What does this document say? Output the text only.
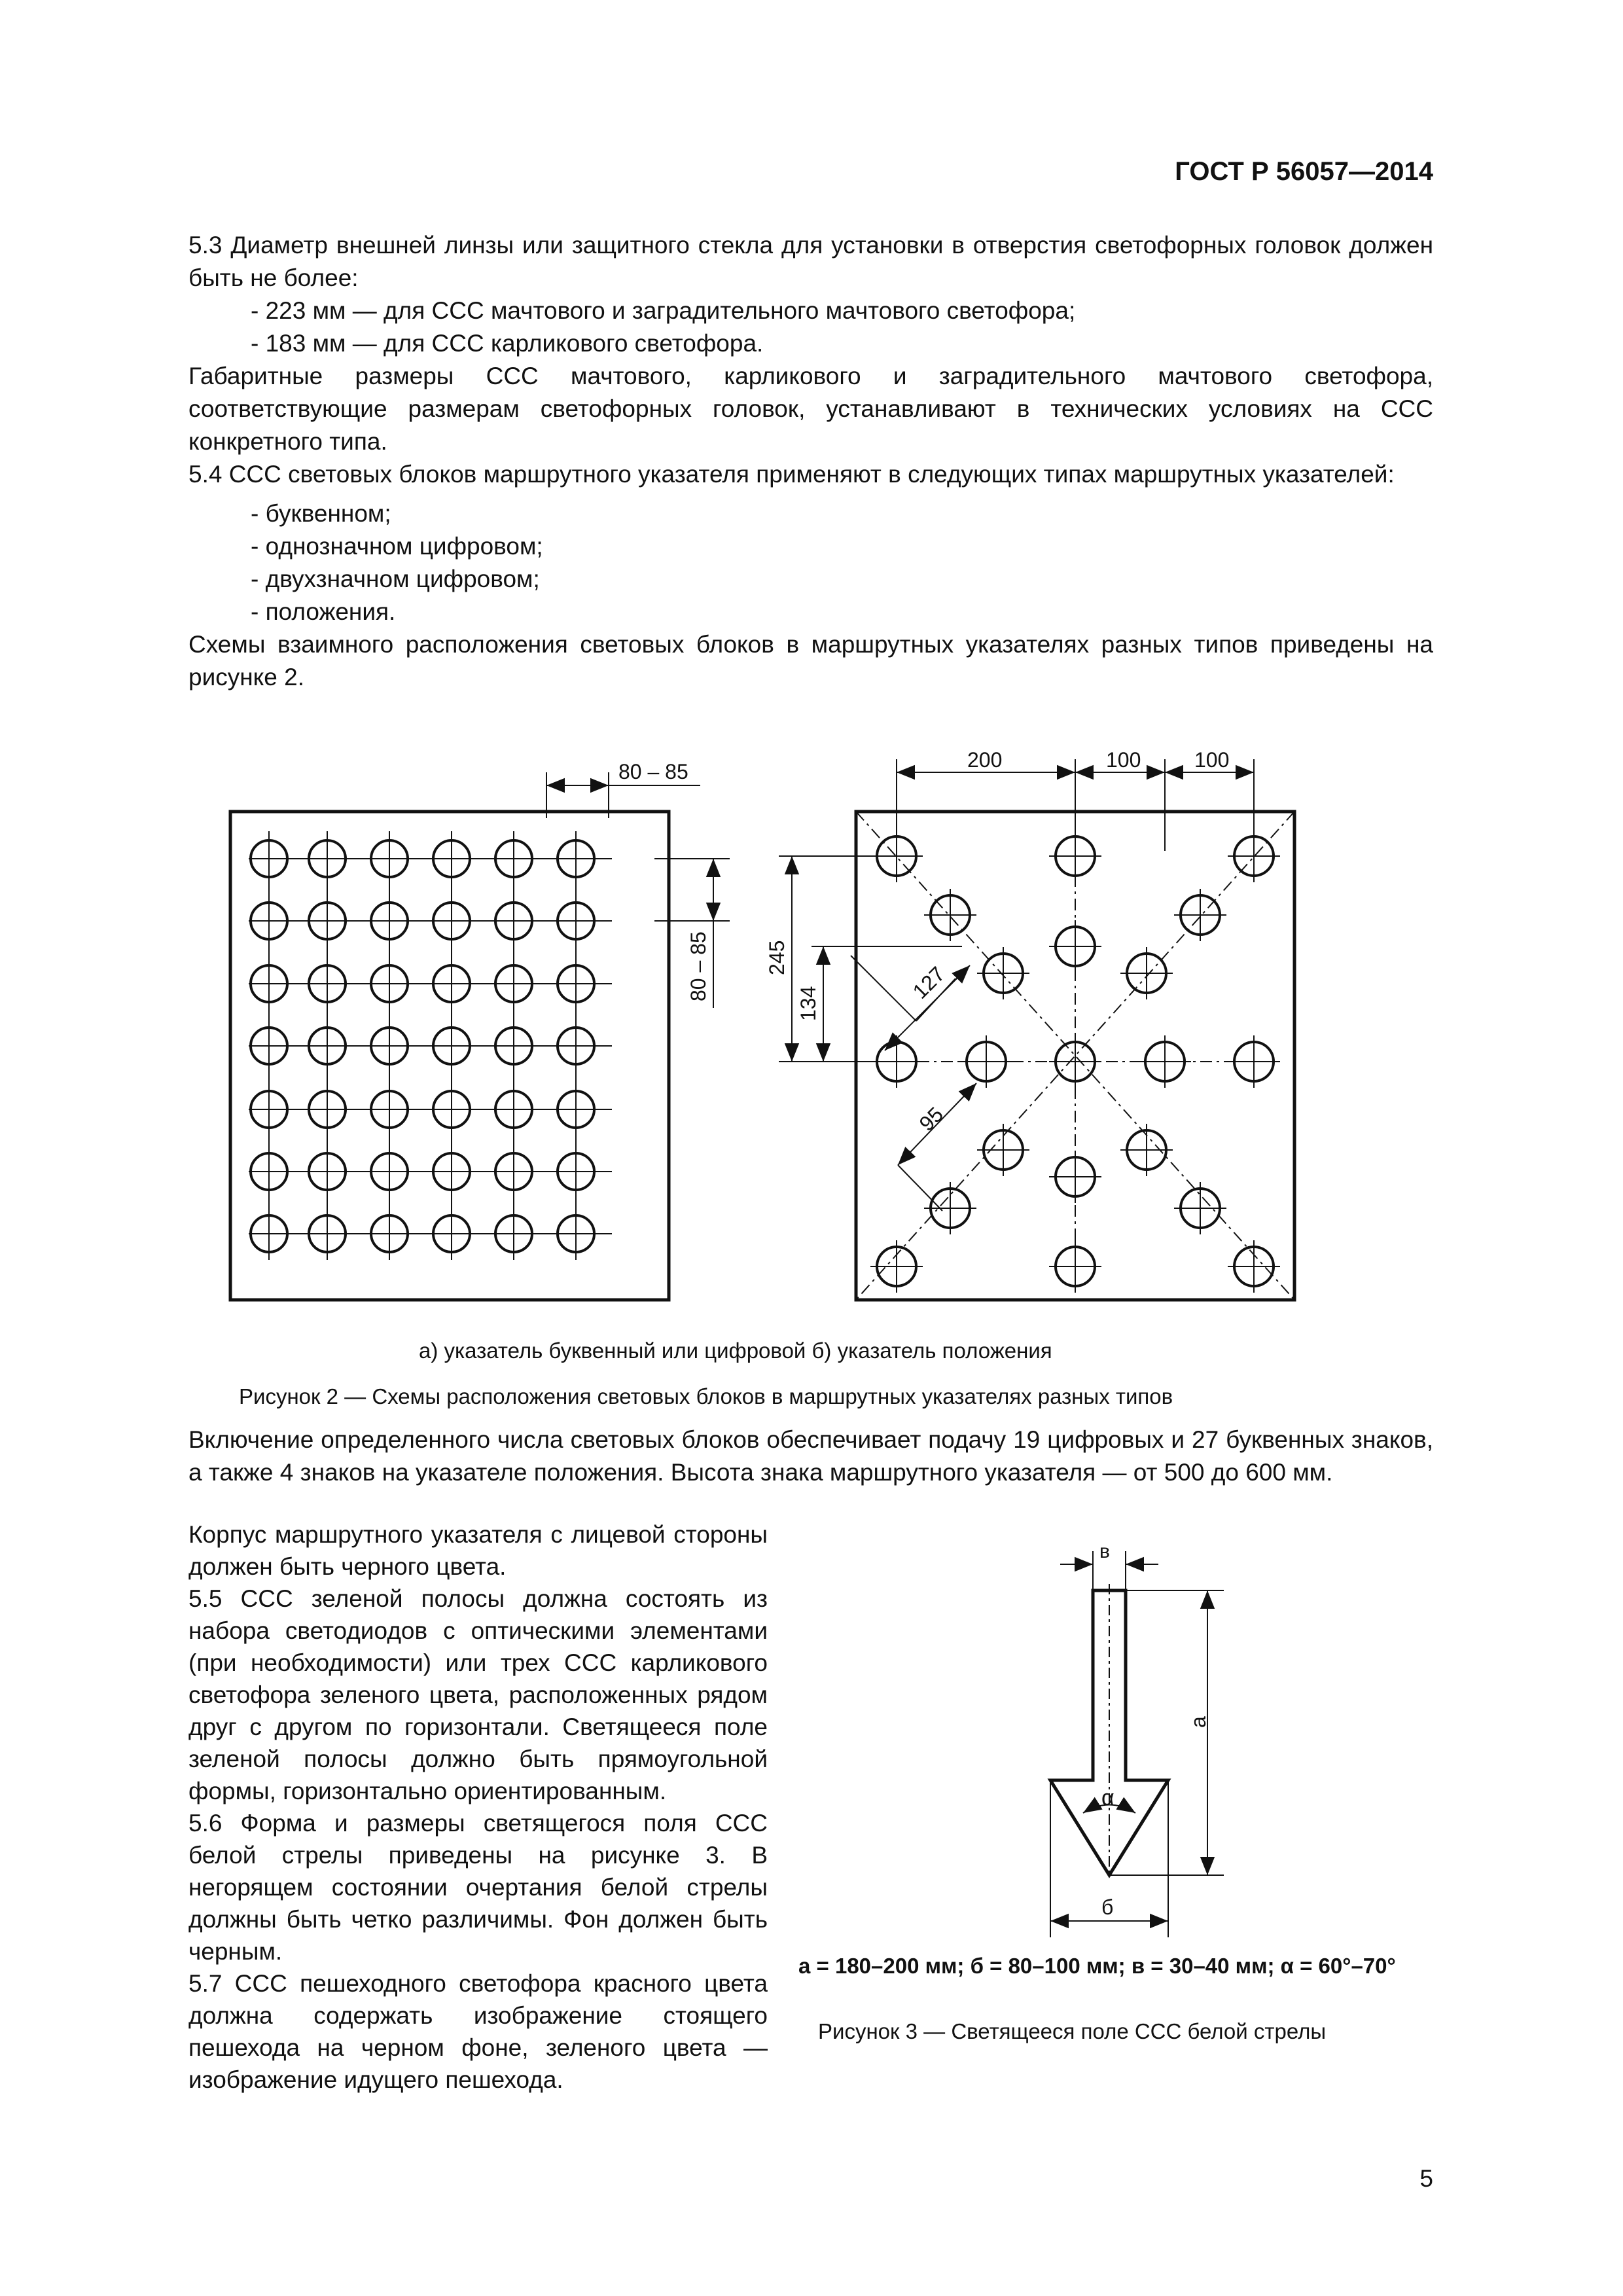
ГОСТ Р 56057—2014

5.3 Диаметр внешней линзы или защитного стекла для установки в отверстия светофорных головок должен быть не более:

- 223 мм — для ССС мачтового и заградительного мачтового светофора;

- 183 мм — для ССС карликового светофора.

Габаритные размеры ССС мачтового, карликового и заградительного мачтового светофора, соответствующие размерам светофорных головок, устанавливают в технических условиях на ССС конкретного типа.

5.4 ССС световых блоков маршрутного указателя применяют в следующих типах маршрутных указателей:

- буквенном;

- однозначном цифровом;

- двухзначном цифровом;

- положения.

Схемы взаимного расположения световых блоков в маршрутных указателях разных типов приведены на рисунке 2.

80 – 85
80 – 85
200	100	100
245
134
127
95
а) указатель буквенный или цифровой б) указатель положения
Рисунок 2 — Схемы расположения световых блоков в маршрутных указателях разных типов
Включение определенного числа световых блоков обеспечивает подачу 19 цифровых и 27 буквенных знаков, а также 4 знаков на указателе положения. Высота знака маршрутного указателя — от 500 до 600 мм.

Корпус маршрутного указателя с лицевой стороны должен быть черного цвета.

5.5 ССС зеленой полосы должна состоять из набора светодиодов с оптическими элементами (при необходимости) или трех ССС карликового светофора зеленого цвета, расположенных рядом друг с другом по горизонтали. Светящееся поле зеленой полосы должно быть прямоугольной формы, горизонтально ориентированным.

5.6 Форма и размеры светящегося поля ССС белой стрелы приведены на рисунке 3. В негорящем состоянии очертания белой стрелы должны быть четко различимы. Фон должен быть черным.

5.7 ССС пешеходного светофора красного цвета должна содержать изображение стоящего пешехода на черном фоне, зеленого цвета — изображение идущего пешехода.

в
а
α
б
а = 180–200 мм; б = 80–100 мм; в = 30–40 мм; α = 60°–70°
Рисунок 3 — Светящееся поле ССС белой стрелы
5
